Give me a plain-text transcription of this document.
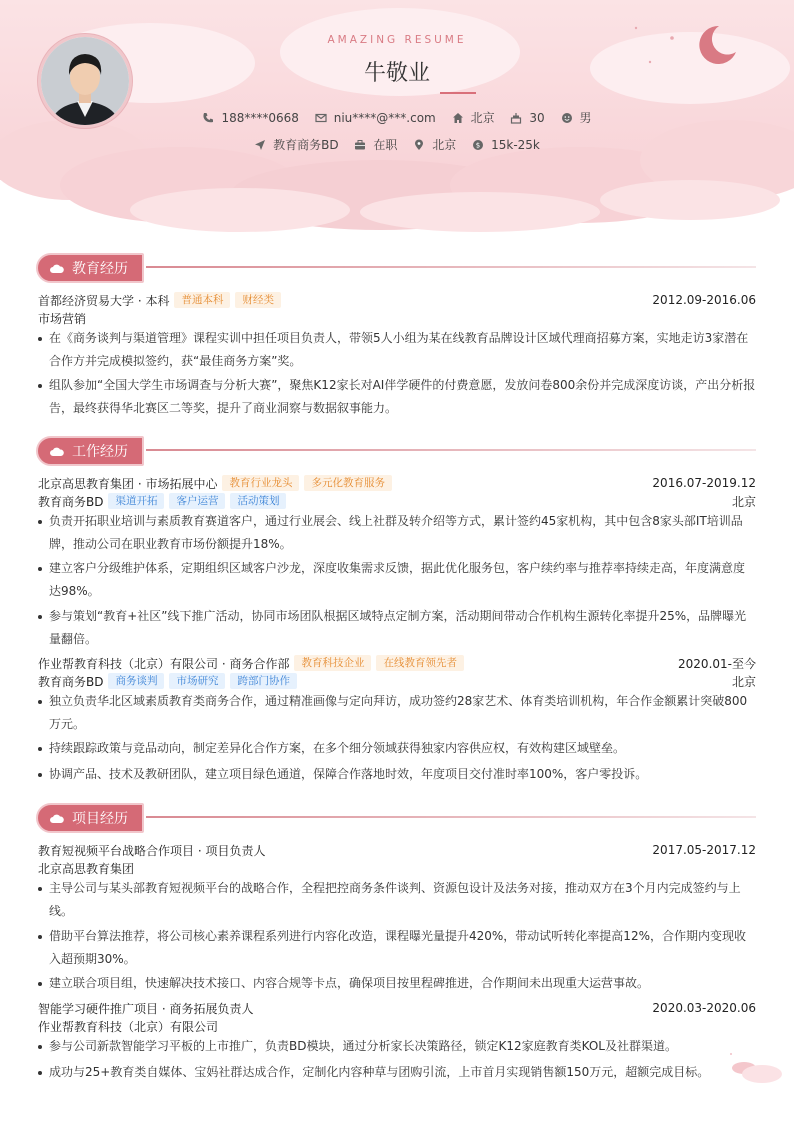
AMAZING RESUME
牛敬业
188****0668
	niu****@***.com
	北京
	30
	男
教育商务BD
	在职
	北京
	$ 15k-25k
教育经历
首都经济贸易大学 · 本科	普通本科	财经类	2012.09-2016.06
市场营销
在《商务谈判与渠道管理》课程实训中担任项目负责人，带领5人小组为某在线教育品牌设计区域代理商招募方案，实地走访3家潜在合作方并完成模拟签约，获“最佳商务方案”奖。
组队参加“全国大学生市场调查与分析大赛”，聚焦K12家长对AI伴学硬件的付费意愿，发放问卷800余份并完成深度访谈，产出分析报告，最终获得华北赛区二等奖，提升了商业洞察与数据叙事能力。
工作经历
北京高思教育集团 · 市场拓展中心	教育行业龙头	多元化教育服务	2016.07-2019.12
教育商务BD	渠道开拓	客户运营	活动策划	北京
负责开拓职业培训与素质教育赛道客户，通过行业展会、线上社群及转介绍等方式，累计签约45家机构，其中包含8家头部IT培训品牌，推动公司在职业教育市场份额提升18%。
建立客户分级维护体系，定期组织区域客户沙龙，深度收集需求反馈，据此优化服务包，客户续约率与推荐率持续走高，年度满意度达98%。
参与策划“教育+社区”线下推广活动，协同市场团队根据区域特点定制方案，活动期间带动合作机构生源转化率提升25%，品牌曝光量翻倍。
作业帮教育科技（北京）有限公司 · 商务合作部	教育科技企业	在线教育领先者	2020.01-至今
教育商务BD	商务谈判	市场研究	跨部门协作	北京
独立负责华北区域素质教育类商务合作，通过精准画像与定向拜访，成功签约28家艺术、体育类培训机构，年合作金额累计突破800万元。
持续跟踪政策与竞品动向，制定差异化合作方案，在多个细分领域获得独家内容供应权，有效构建区域壁垒。
协调产品、技术及教研团队，建立项目绿色通道，保障合作落地时效，年度项目交付准时率100%，客户零投诉。
项目经历
教育短视频平台战略合作项目 · 项目负责人	2017.05-2017.12
北京高思教育集团
主导公司与某头部教育短视频平台的战略合作，全程把控商务条件谈判、资源包设计及法务对接，推动双方在3个月内完成签约与上线。
借助平台算法推荐，将公司核心素养课程系列进行内容化改造，课程曝光量提升420%，带动试听转化率提高12%，合作期内变现收入超预期30%。
建立联合项目组，快速解决技术接口、内容合规等卡点，确保项目按里程碑推进，合作期间未出现重大运营事故。
智能学习硬件推广项目 · 商务拓展负责人	2020.03-2020.06
作业帮教育科技（北京）有限公司
参与公司新款智能学习平板的上市推广，负责BD模块，通过分析家长决策路径，锁定K12家庭教育类KOL及社群渠道。
成功与25+教育类自媒体、宝妈社群达成合作，定制化内容种草与团购引流，上市首月实现销售额150万元，超额完成目标。
